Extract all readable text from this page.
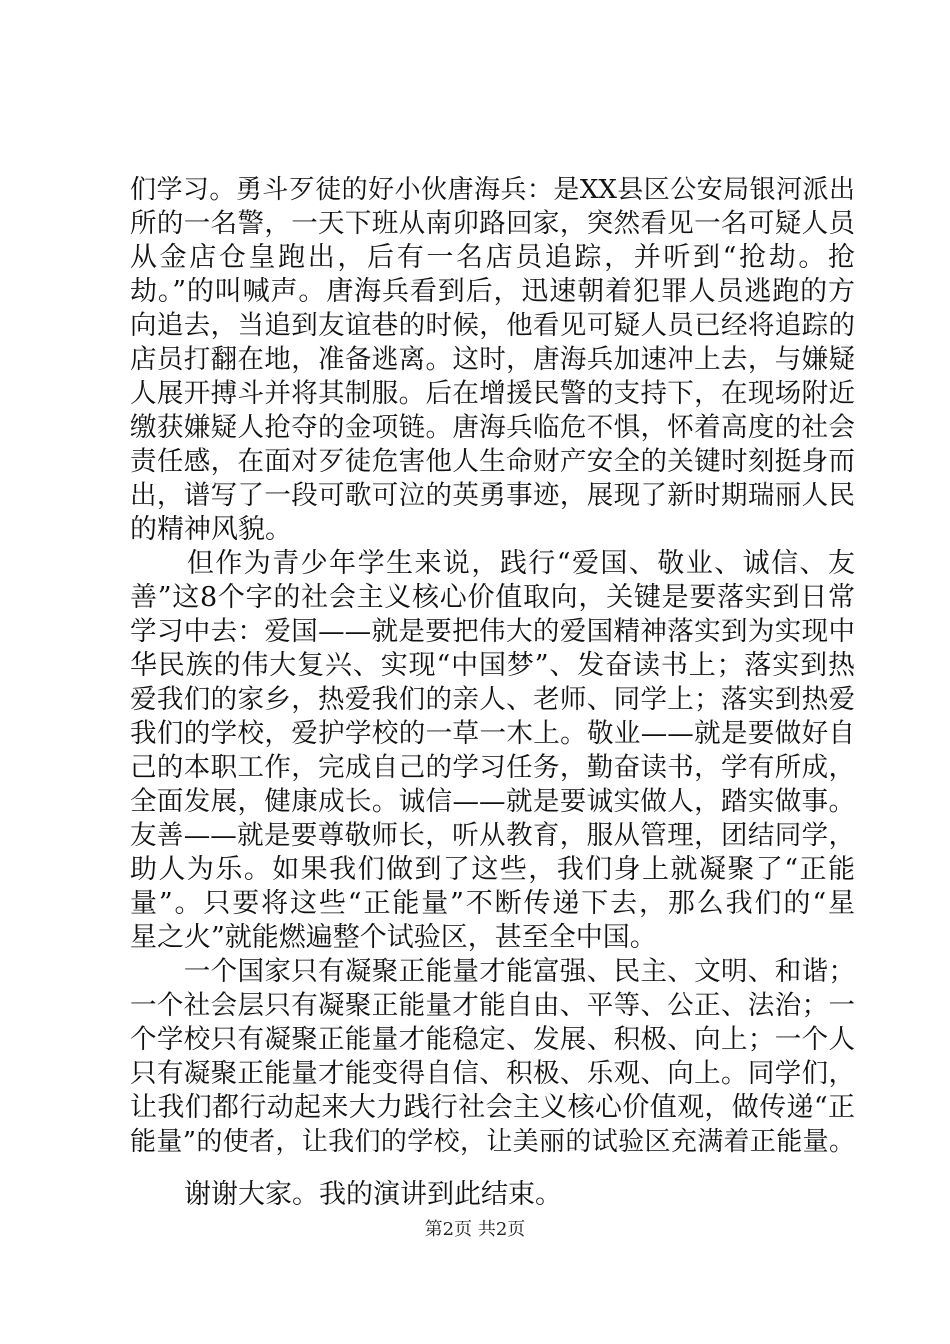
们学习。勇斗歹徒的好小伙唐海兵：是XX县区公安局银河派出
所的一名警，一天下班从南卯路回家，突然看见一名可疑人员
从金店仓皇跑出，后有一名店员追踪，并听到“抢劫。抢
劫。”的叫喊声。唐海兵看到后，迅速朝着犯罪人员逃跑的方
向追去，当追到友谊巷的时候，他看见可疑人员已经将追踪的
店员打翻在地，准备逃离。这时，唐海兵加速冲上去，与嫌疑
人展开搏斗并将其制服。后在增援民警的支持下，在现场附近
缴获嫌疑人抢夺的金项链。唐海兵临危不惧，怀着高度的社会
责任感，在面对歹徒危害他人生命财产安全的关键时刻挺身而
出，谱写了一段可歌可泣的英勇事迹，展现了新时期瑞丽人民
的精神风貌。
　　但作为青少年学生来说，践行“爱国、敬业、诚信、友
善”这8个字的社会主义核心价值取向，关键是要落实到日常
学习中去：爱国——就是要把伟大的爱国精神落实到为实现中
华民族的伟大复兴、实现“中国梦”、发奋读书上；落实到热
爱我们的家乡，热爱我们的亲人、老师、同学上；落实到热爱
我们的学校，爱护学校的一草一木上。敬业——就是要做好自
己的本职工作，完成自己的学习任务，勤奋读书，学有所成，
全面发展，健康成长。诚信——就是要诚实做人，踏实做事。
友善——就是要尊敬师长，听从教育，服从管理，团结同学，
助人为乐。如果我们做到了这些，我们身上就凝聚了“正能
量”。只要将这些“正能量”不断传递下去，那么我们的“星
星之火”就能燃遍整个试验区，甚至全中国。
　　一个国家只有凝聚正能量才能富强、民主、文明、和谐；
一个社会层只有凝聚正能量才能自由、平等、公正、法治；一
个学校只有凝聚正能量才能稳定、发展、积极、向上；一个人
只有凝聚正能量才能变得自信、积极、乐观、向上。同学们，
让我们都行动起来大力践行社会主义核心价值观，做传递“正
能量”的使者，让我们的学校，让美丽的试验区充满着正能量。
　　谢谢大家。我的演讲到此结束。
第2页 共2页
